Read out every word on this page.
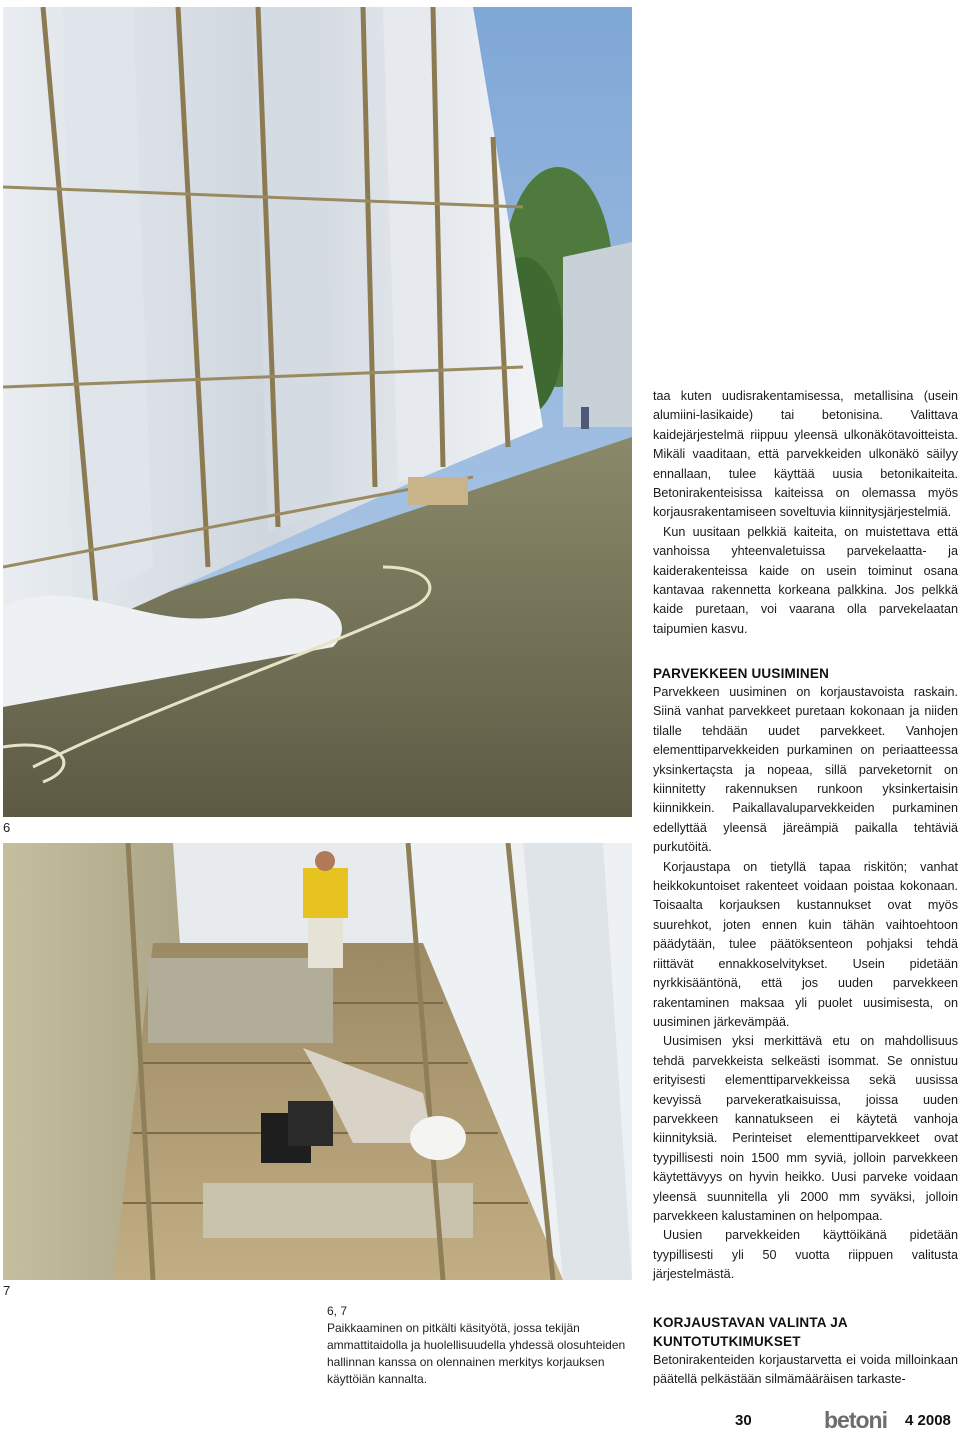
6
7
6, 7
Paikkaaminen on pitkälti käsityötä, jossa tekijän ammattitaidolla ja huolellisuudella yhdessä olosuhteiden hallinnan kanssa on olennainen merkitys korjauksen käyttöiän kannalta.

taa kuten uudisrakentamisessa, metallisina (usein alumiini-lasikaide) tai betonisina. Valittava kaidejärjestelmä riippuu yleensä ulkonäkötavoitteista. Mikäli vaaditaan, että parvekkeiden ulkonäkö säilyy ennallaan, tulee käyttää uusia betonikaiteita. Betonirakenteisissa kaiteissa on olemassa myös korjausrakentamiseen soveltuvia kiinnitysjärjestelmiä.

Kun uusitaan pelkkiä kaiteita, on muistettava että vanhoissa yhteenvaletuissa parvekelaatta- ja kaiderakenteissa kaide on usein toiminut osana kantavaa rakennetta korkeana palkkina. Jos pelkkä kaide puretaan, voi vaarana olla parvekelaatan taipumien kasvu.

PARVEKKEEN UUSIMINEN

Parvekkeen uusiminen on korjaustavoista raskain. Siinä vanhat parvekkeet puretaan kokonaan ja niiden tilalle tehdään uudet parvekkeet. Vanhojen elementtiparvekkeiden purkaminen on periaatteessa yksinkertaçsta ja nopeaa, sillä parveketornit on kiinnitetty rakennuksen runkoon yksinkertaisin kiinnikkein. Paikallavaluparvekkeiden purkaminen edellyttää yleensä järeämpiä paikalla tehtäviä purkutöitä.

Korjaustapa on tietyllä tapaa riskitön; vanhat heikkokuntoiset rakenteet voidaan poistaa kokonaan. Toisaalta korjauksen kustannukset ovat myös suurehkot, joten ennen kuin tähän vaihtoehtoon päädytään, tulee päätöksenteon pohjaksi tehdä riittävät ennakkoselvitykset. Usein pidetään nyrkkisääntönä, että jos uuden parvekkeen rakentaminen maksaa yli puolet uusimisesta, on uusiminen järkevämpää.

Uusimisen yksi merkittävä etu on mahdollisuus tehdä parvekkeista selkeästi isommat. Se onnistuu erityisesti elementtiparvekkeissa sekä uusissa kevyissä parvekeratkaisuissa, joissa uuden parvekkeen kannatukseen ei käytetä vanhoja kiinnityksiä. Perinteiset elementtiparvekkeet ovat tyypillisesti noin 1500 mm syviä, jolloin parvekkeen käytettävyys on hyvin heikko. Uusi parveke voidaan yleensä suunnitella yli 2000 mm syväksi, jolloin parvekkeen kalustaminen on helpompaa.

Uusien parvekkeiden käyttöikänä pidetään tyypillisesti yli 50 vuotta riippuen valitusta järjestelmästä.

KORJAUSTAVAN VALINTA JA
KUNTOTUTKIMUKSET

Betonirakenteiden korjaustarvetta ei voida milloinkaan päätellä pelkästään silmämääräisen tarkaste-

30	betoni 4 2008
